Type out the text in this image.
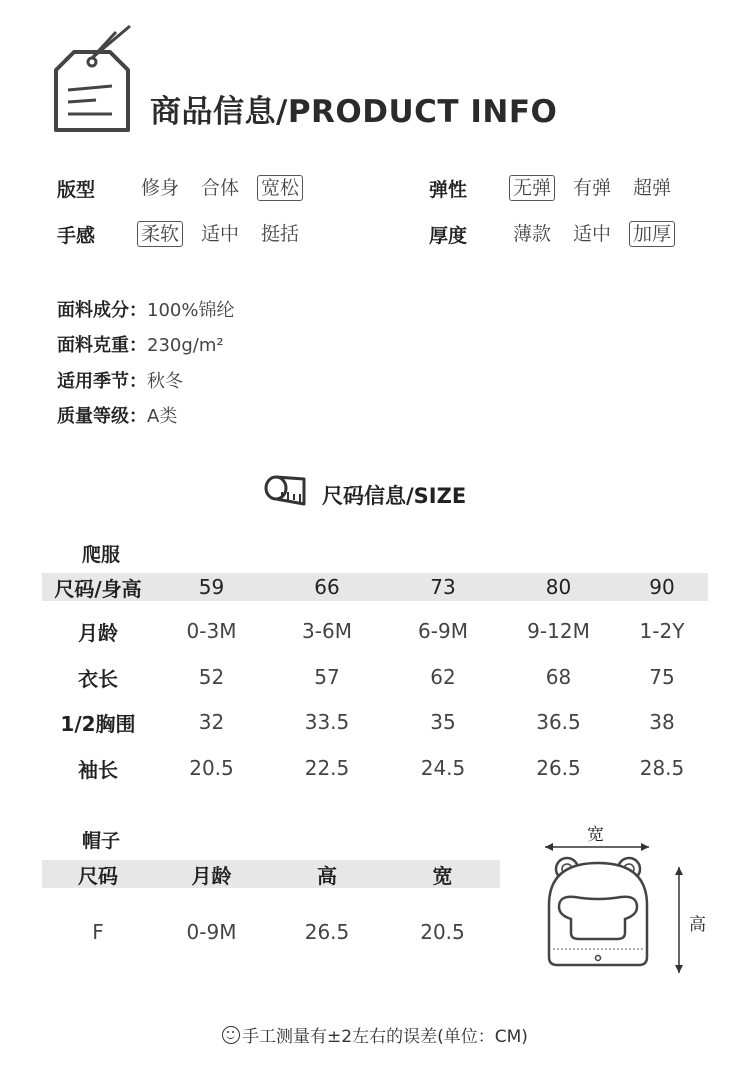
商品信息/PRODUCT INFO
版型	修身 合体 宽松	弹性	无弹 有弹 超弹
手感	柔软 适中 挺括	厚度	薄款 适中 加厚
面料成分：100%锦纶
面料克重：230g/m²
适用季节：秋冬
质量等级：A类
尺码信息/SIZE
爬服
尺码/身高	59	66	73	80	90
月龄	0-3M	3-6M	6-9M	9-12M	1-2Y
衣长	52	57	62	68	75
1/2胸围	32	33.5	35	36.5	38
袖长	20.5	22.5	24.5	26.5	28.5
帽子
尺码	月龄	高	宽
F	0-9M	26.5	20.5
宽
高
手工测量有±2左右的误差(单位：CM)
